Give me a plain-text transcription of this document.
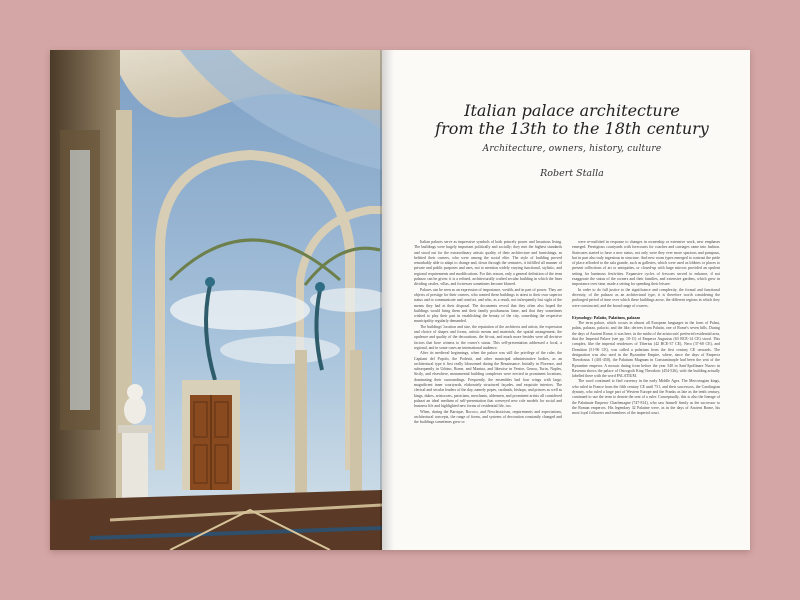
Italian palace architecture
from the 13th to the 18th century
Architecture, owners, history, culture
Robert Stalla

Italian palaces serve as impressive symbols of both princely power and luxurious living. The buildings were hugely important politically and socially; they met the highest standards and stood out for the extraordinary artistic quality of their architecture and furnishings, as befitted their owners, who were among the social elite. The style of building proved remarkably able to adapt to change and, down through the centuries, it fulfilled all manner of private and public purposes and uses, not to mention widely varying functional, stylistic, and regional requirements and modifications. For this reason, only a general definition of the term palazzo can be given: it is a refined, architecturally crafted secular building in which the lines dividing castles, villas, and fortresses sometimes become blurred.

Palaces can be seen as an expression of importance, wealth, and in part of power. They are objects of prestige for their owners, who wanted these buildings to attest to their own superior status and to communicate and comfort, and who, as a result, not infrequently lost sight of the means they had at their disposal. The documents reveal that they often also hoped the buildings would bring them and their family posthumous fame, and that they sometimes wished to play their part in establishing the beauty of the city, something the respective municipality regularly demanded.

The buildings' location and size, the reputation of the architects and artists, the expression and choice of shapes and forms, artistic means and materials, the spatial arrangement, the opulence and quality of the decorations, the fit-out, and much more besides were all decisive factors that bore witness to the owner's status. This self-presentation addressed a local, a regional, and in some cases an international audience.

After its medieval beginnings, when the palace was still the privilege of the ruler, the Capitani del Popolo, the Podestà, and other municipal administrative bodies, as an architectural type it first really blossomed during the Renaissance. Initially in Florence, and subsequently in Urbino, Rome, and Mantua, and likewise in Venice, Genoa, Turin, Naples, Sicily, and elsewhere, monumental building complexes were erected in prominent locations, dominating their surroundings. Frequently, the ensembles had four wings with large, magnificent inner courtyards, elaborately structured façades, and exquisite interiors. The clerical and secular leaders of the day, namely popes, cardinals, bishops, and princes as well as kings, dukes, aristocrats, patricians, merchants, aldermen, and prominent artists all considered palazzi an ideal medium of self-presentation that conveyed new role models for social and business life and highlighted new forms of residential life, too.

When, during the Baroque, Rococo, and Neoclassicism, requirements and expectations, architectural concepts, the range of forms, and systems of decoration constantly changed and the buildings sometimes grew or

were re-outfitted in response to changes in ownership or extensive work, new emphases emerged. Prestigious courtyards with forecourts for coaches and carriages came into fashion. Staircases started to have a new status, not only were they ever more spacious and pompous, but in part also truly ingenious in structure. And new room types emerged to contrast the pride of place afforded to the sala grande, such as galleries, which were used as lobbies or places to present collections of art or antiquities, or closed-up with large mirrors provided an opulent setting for luminous festivities. Expansive cycles of frescoes served to enhance, if not exaggerate the status of the owners and their families, and extensive gardens, which grew in importance over time, made a setting for spending their leisure.

In order to do full justice to the significance and complexity, the formal and functional diversity, of the palazzo as an architectural type, it is therefore worth considering the prolonged period of time over which these buildings arose, the different regions in which they were constructed, and the broad range of owners.

Etymology: Palatio, Palatium, palazzo

The term palace, which occurs in almost all European languages in the form of Palast, palais, palazzo, palacio, and the like, derives from Palatin, one of Rome's seven hills. During the days of Ancient Rome, it was here, in the midst of the aristocrats' preferred residential area, that the Imperial Palace (see pp. 10-11) of Emperor Augustus (63 BCE-14 CE) stood. This complex, like the imperial residences of Tiberius (42 BCE-37 CE), Nero (37-68 CE), and Domitian (51-96 CE), was called a palatium from the first century CE onwards. The designation was also used in the Byzantine Empire, where, since the days of Emperor Theodosius I (401-450), the Palatium Magnum in Constantinople had been the seat of the Byzantine emperor. A mosaic dating from before the year 540 in Sant'Apollinare Nuovo in Ravenna shows the palace of Ostrogoth King Theodoric (454-526), with the building actually labelled there with the word PALATIUM.

The word continued to find currency in the early Middle Ages. The Merovingian kings, who ruled in France from the fifth century CE until 751, and their successors, the Carolingian dynasty, who ruled a large part of Western Europe and the Franks as late as the tenth century, continued to use the term to denote the seat of a ruler. Conceptually, this is also the lineage of the Palatinate Emperor Charlemagne (747-814), who saw himself firmly as the successor to the Roman emperors. His legendary 32 Palatine were, as in the days of Ancient Rome, his most loyal followers and members of the imperial court.
